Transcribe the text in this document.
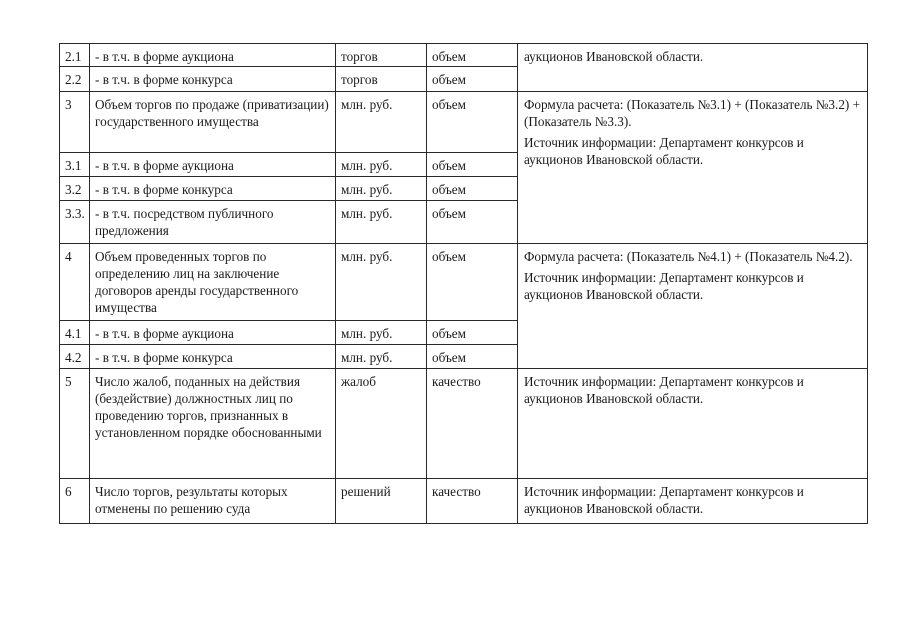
2.1	- в т.ч. в форме аукциона	торгов	объем	аукционов Ивановской области.

2.2	- в т.ч. в форме конкурса	торгов	объем	
3	Объем торгов по продаже (приватизации) государственного имущества	млн. руб.	объем	Формула расчета: (Показатель №3.1) + (Показатель №3.2) + (Показатель №3.3).

Источник информации: Департамент конкурсов и аукционов Ивановской области.

3.1	- в т.ч. в форме аукциона	млн. руб.	объем	
3.2	- в т.ч. в форме конкурса	млн. руб.	объем	
3.3.	- в т.ч. посредством публичного предложения	млн. руб.	объем	
4	Объем проведенных торгов по определению лиц на заключение договоров аренды государственного имущества	млн. руб.	объем	Формула расчета: (Показатель №4.1) + (Показатель №4.2).

Источник информации: Департамент конкурсов и аукционов Ивановской области.

4.1	- в т.ч. в форме аукциона	млн. руб.	объем	
4.2	- в т.ч. в форме конкурса	млн. руб.	объем	
5	Число жалоб, поданных на действия (бездействие) должностных лиц по проведению торгов, признанных в установленном порядке обоснованными	жалоб	качество	Источник информации: Департамент конкурсов и аукционов Ивановской области.

6	Число торгов, результаты которых отменены по решению суда	решений	качество	Источник информации: Департамент конкурсов и аукционов Ивановской области.
